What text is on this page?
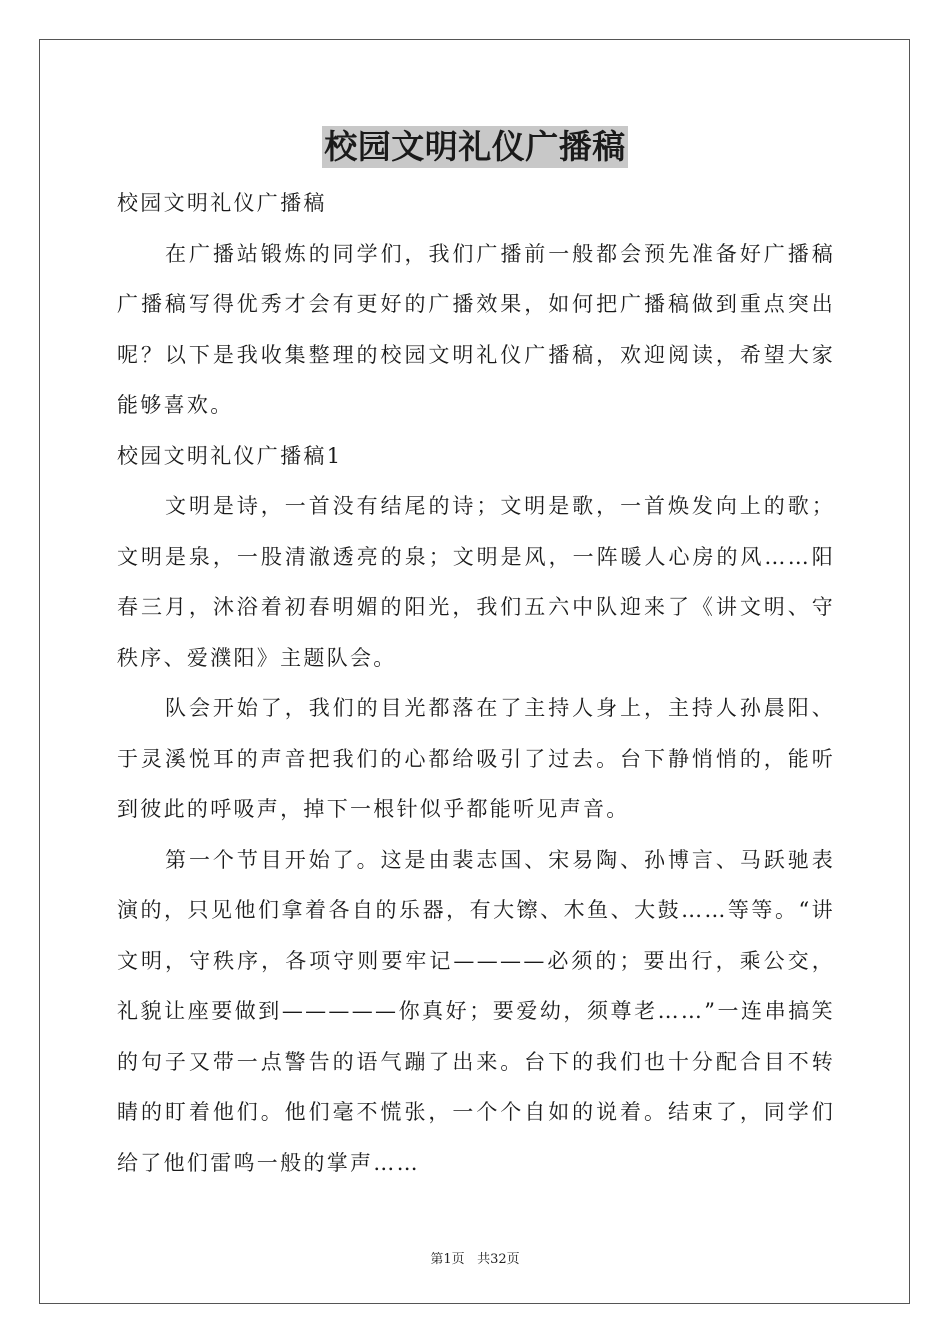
校园文明礼仪广播稿

校园文明礼仪广播稿

在广播站锻炼的同学们，我们广播前一般都会预先准备好广播稿广播稿写得优秀才会有更好的广播效果，如何把广播稿做到重点突出呢？以下是我收集整理的校园文明礼仪广播稿，欢迎阅读，希望大家能够喜欢。

校园文明礼仪广播稿1

文明是诗，一首没有结尾的诗；文明是歌，一首焕发向上的歌；文明是泉，一股清澈透亮的泉；文明是风，一阵暖人心房的风……阳春三月，沐浴着初春明媚的阳光，我们五六中队迎来了《讲文明、守秩序、爱濮阳》主题队会。

队会开始了，我们的目光都落在了主持人身上，主持人孙晨阳、于灵溪悦耳的声音把我们的心都给吸引了过去。台下静悄悄的，能听到彼此的呼吸声，掉下一根针似乎都能听见声音。

第一个节目开始了。这是由裴志国、宋易陶、孙博言、马跃驰表演的，只见他们拿着各自的乐器，有大镲、木鱼、大鼓……等等。“讲文明，守秩序，各项守则要牢记————必须的；要出行，乘公交，礼貌让座要做到—————你真好；要爱幼，须尊老……”一连串搞笑的句子又带一点警告的语气蹦了出来。台下的我们也十分配合目不转睛的盯着他们。他们毫不慌张，一个个自如的说着。结束了，同学们给了他们雷鸣一般的掌声……

第1页 共32页
